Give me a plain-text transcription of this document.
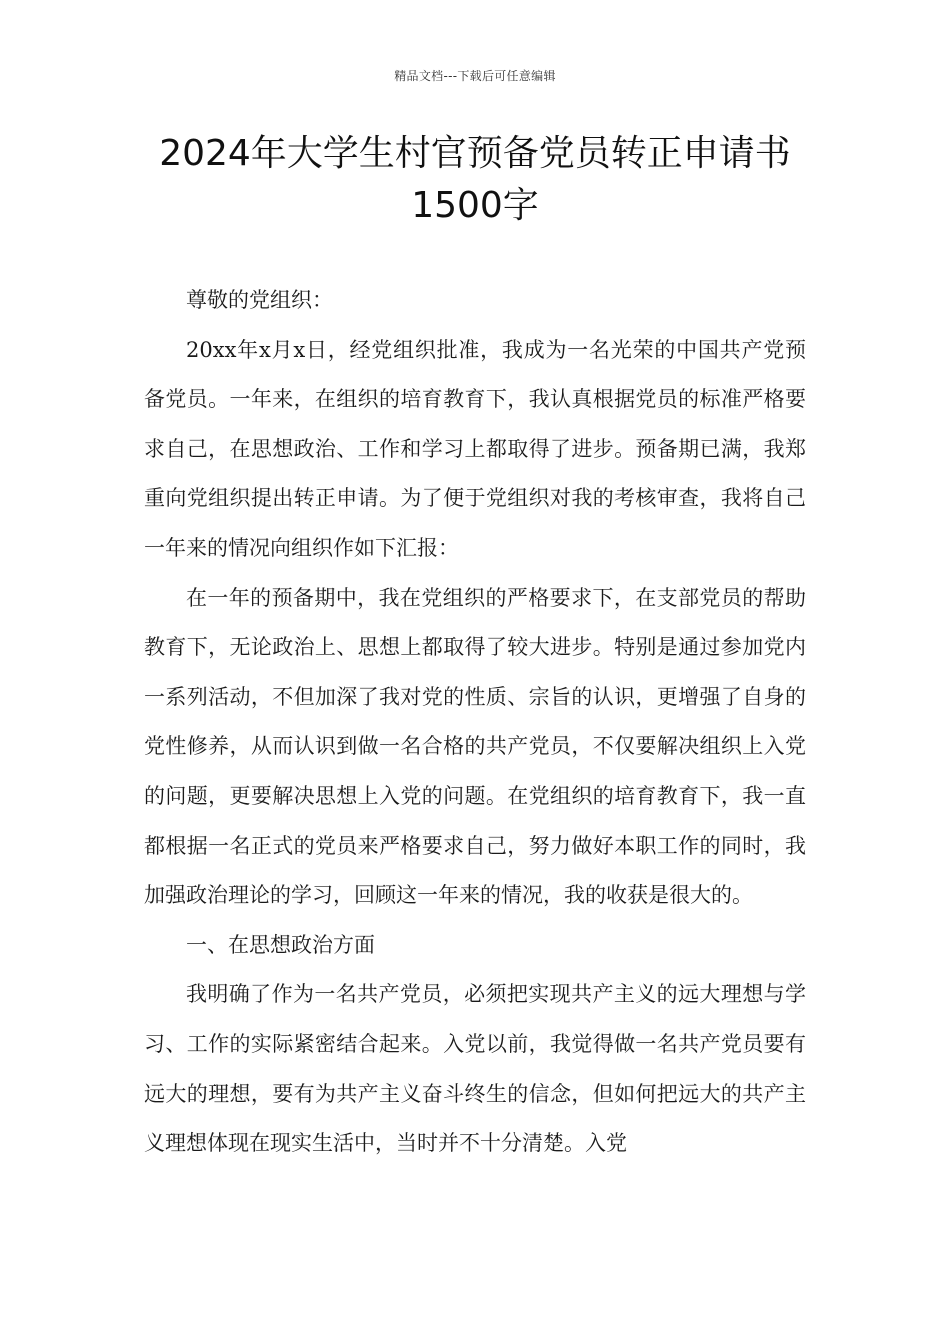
精品文档---下载后可任意编辑
2024年大学生村官预备党员转正申请书1500字

尊敬的党组织：

20xx年x月x日，经党组织批准，我成为一名光荣的中国共产党预备党员。一年来，在组织的培育教育下，我认真根据党员的标准严格要求自己，在思想政治、工作和学习上都取得了进步。预备期已满，我郑重向党组织提出转正申请。为了便于党组织对我的考核审查，我将自己一年来的情况向组织作如下汇报：

在一年的预备期中，我在党组织的严格要求下，在支部党员的帮助教育下，无论政治上、思想上都取得了较大进步。特别是通过参加党内一系列活动，不但加深了我对党的性质、宗旨的认识，更增强了自身的党性修养，从而认识到做一名合格的共产党员，不仅要解决组织上入党的问题，更要解决思想上入党的问题。在党组织的培育教育下，我一直都根据一名正式的党员来严格要求自己，努力做好本职工作的同时，我加强政治理论的学习，回顾这一年来的情况，我的收获是很大的。

一、在思想政治方面

我明确了作为一名共产党员，必须把实现共产主义的远大理想与学习、工作的实际紧密结合起来。入党以前，我觉得做一名共产党员要有远大的理想，要有为共产主义奋斗终生的信念，但如何把远大的共产主义理想体现在现实生活中，当时并不十分清楚。入党
